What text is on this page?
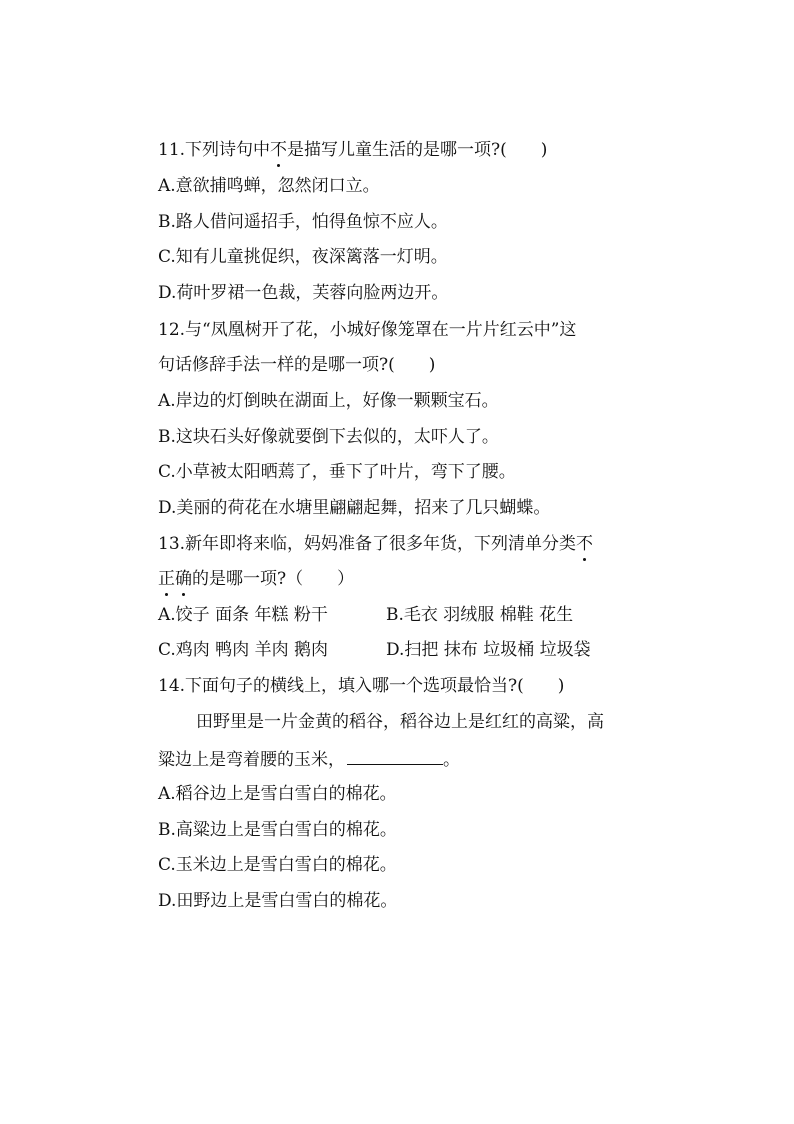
11.下列诗句中不是描写儿童生活的是哪一项?(　　)
A.意欲捕鸣蝉，忽然闭口立。
B.路人借问遥招手，怕得鱼惊不应人。
C.知有儿童挑促织，夜深篱落一灯明。
D.荷叶罗裙一色裁，芙蓉向脸两边开。
12.与“凤凰树开了花，小城好像笼罩在一片片红云中”这
句话修辞手法一样的是哪一项?(　　)
A.岸边的灯倒映在湖面上，好像一颗颗宝石。
B.这块石头好像就要倒下去似的，太吓人了。
C.小草被太阳晒蔫了，垂下了叶片，弯下了腰。
D.美丽的荷花在水塘里翩翩起舞，招来了几只蝴蝶。
13.新年即将来临，妈妈准备了很多年货，下列清单分类不
正确的是哪一项?（　　）
A.饺子 面条 年糕 粉干	B.毛衣 羽绒服 棉鞋 花生
C.鸡肉 鸭肉 羊肉 鹅肉	D.扫把 抹布 垃圾桶 垃圾袋
14.下面句子的横线上，填入哪一个选项最恰当?(　　)
田野里是一片金黄的稻谷，稻谷边上是红红的高粱，高
粱边上是弯着腰的玉米，	。
A.稻谷边上是雪白雪白的棉花。
B.高粱边上是雪白雪白的棉花。
C.玉米边上是雪白雪白的棉花。
D.田野边上是雪白雪白的棉花。
